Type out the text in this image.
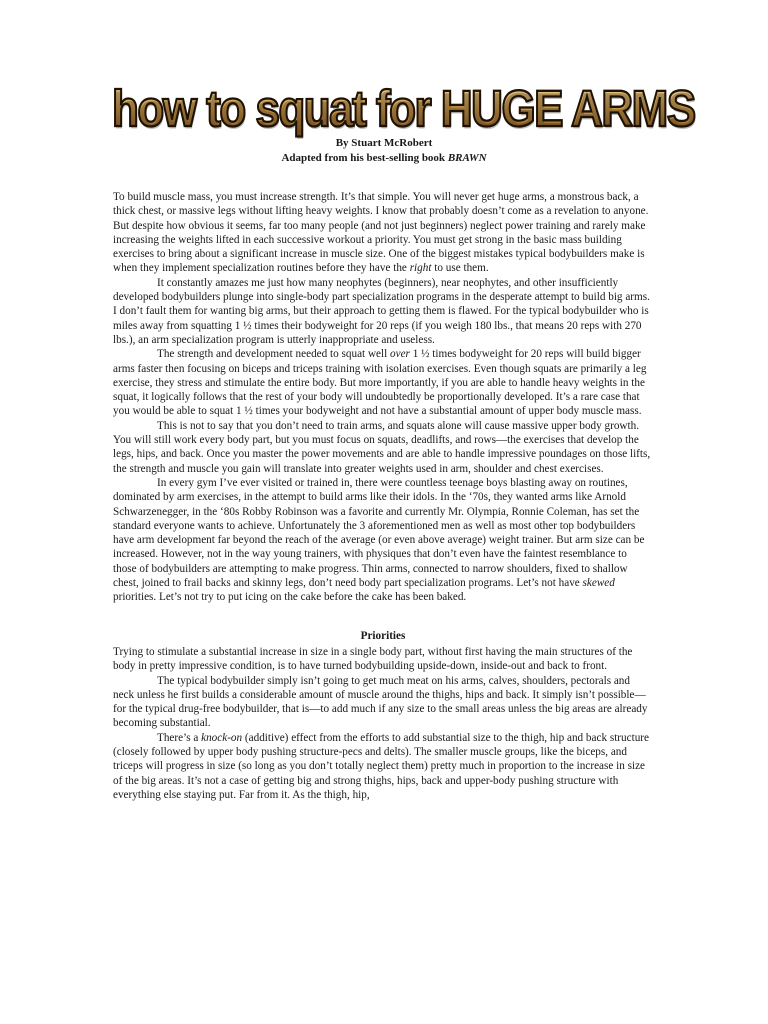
how to squat for HUGE ARMS
By Stuart McRobert
Adapted from his best-selling book BRAWN

To build muscle mass, you must increase strength. It’s that simple. You will never get huge arms, a monstrous back, a thick chest, or massive legs without lifting heavy weights. I know that probably doesn’t come as a revelation to anyone. But despite how obvious it seems, far too many people (and not just beginners) neglect power training and rarely make increasing the weights lifted in each successive workout a priority. You must get strong in the basic mass building exercises to bring about a significant increase in muscle size. One of the biggest mistakes typical bodybuilders make is when they implement specialization routines before they have the right to use them.

It constantly amazes me just how many neophytes (beginners), near neophytes, and other insufficiently developed bodybuilders plunge into single-body part specialization programs in the desperate attempt to build big arms. I don’t fault them for wanting big arms, but their approach to getting them is flawed. For the typical bodybuilder who is miles away from squatting 1 ½ times their bodyweight for 20 reps (if you weigh 180 lbs., that means 20 reps with 270 lbs.), an arm specialization program is utterly inappropriate and useless.

The strength and development needed to squat well over 1 ½ times bodyweight for 20 reps will build bigger arms faster then focusing on biceps and triceps training with isolation exercises. Even though squats are primarily a leg exercise, they stress and stimulate the entire body. But more importantly, if you are able to handle heavy weights in the squat, it logically follows that the rest of your body will undoubtedly be proportionally developed. It’s a rare case that you would be able to squat 1 ½ times your bodyweight and not have a substantial amount of upper body muscle mass.

This is not to say that you don’t need to train arms, and squats alone will cause massive upper body growth. You will still work every body part, but you must focus on squats, deadlifts, and rows—the exercises that develop the legs, hips, and back. Once you master the power movements and are able to handle impressive poundages on those lifts, the strength and muscle you gain will translate into greater weights used in arm, shoulder and chest exercises.

In every gym I’ve ever visited or trained in, there were countless teenage boys blasting away on routines, dominated by arm exercises, in the attempt to build arms like their idols. In the ‘70s, they wanted arms like Arnold Schwarzenegger, in the ‘80s Robby Robinson was a favorite and currently Mr. Olympia, Ronnie Coleman, has set the standard everyone wants to achieve. Unfortunately the 3 aforementioned men as well as most other top bodybuilders have arm development far beyond the reach of the average (or even above average) weight trainer. But arm size can be increased. However, not in the way young trainers, with physiques that don’t even have the faintest resemblance to those of bodybuilders are attempting to make progress. Thin arms, connected to narrow shoulders, fixed to shallow chest, joined to frail backs and skinny legs, don’t need body part specialization programs. Let’s not have skewed priorities. Let’s not try to put icing on the cake before the cake has been baked.

Priorities

Trying to stimulate a substantial increase in size in a single body part, without first having the main structures of the body in pretty impressive condition, is to have turned bodybuilding upside-down, inside-out and back to front.

The typical bodybuilder simply isn’t going to get much meat on his arms, calves, shoulders, pectorals and neck unless he first builds a considerable amount of muscle around the thighs, hips and back. It simply isn’t possible—for the typical drug-free bodybuilder, that is—to add much if any size to the small areas unless the big areas are already becoming substantial.

There’s a knock-on (additive) effect from the efforts to add substantial size to the thigh, hip and back structure (closely followed by upper body pushing structure-pecs and delts). The smaller muscle groups, like the biceps, and triceps will progress in size (so long as you don’t totally neglect them) pretty much in proportion to the increase in size of the big areas. It’s not a case of getting big and strong thighs, hips, back and upper-body pushing structure with everything else staying put. Far from it. As the thigh, hip,
